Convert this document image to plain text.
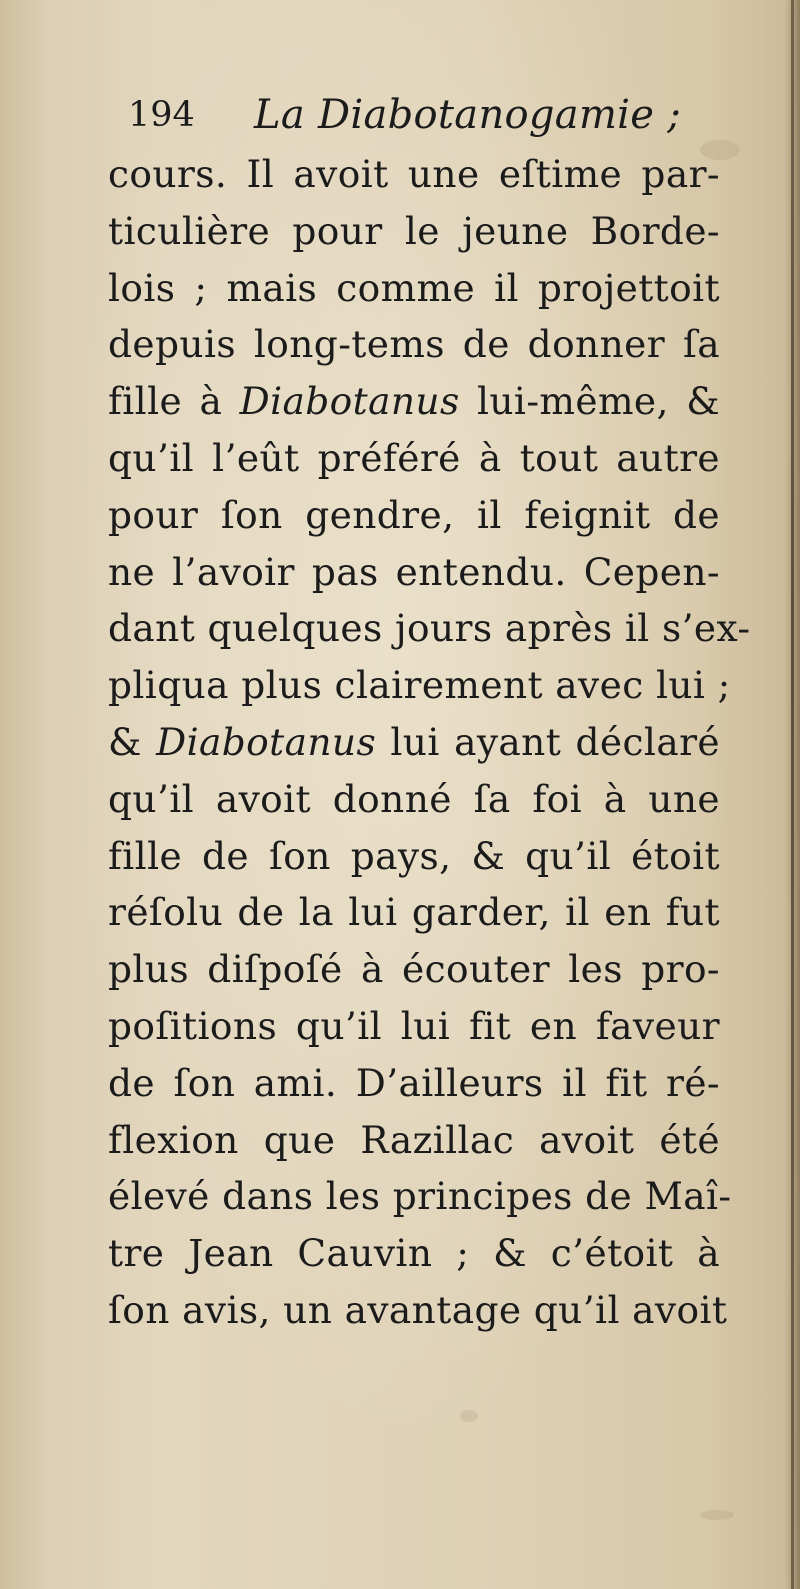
194 La Diabotanogamie ;
cours. Il avoit une eſtime par-
ticulière pour le jeune Borde-
lois ; mais comme il projettoit
depuis long-tems de donner ſa
fille à Diabotanus lui-même, &
qu’il l’eût préféré à tout autre
pour ſon gendre, il feignit de
ne l’avoir pas entendu. Cepen-
dant quelques jours après il s’ex-
pliqua plus clairement avec lui ;
& Diabotanus lui ayant déclaré
qu’il avoit donné ſa foi à une
fille de ſon pays, & qu’il étoit
réſolu de la lui garder, il en fut
plus diſpoſé à écouter les pro-
poſitions qu’il lui fit en faveur
de ſon ami. D’ailleurs il fit ré-
flexion que Razillac avoit été
élevé dans les principes de Maî-
tre Jean Cauvin ; & c’étoit à
ſon avis, un avantage qu’il avoit
